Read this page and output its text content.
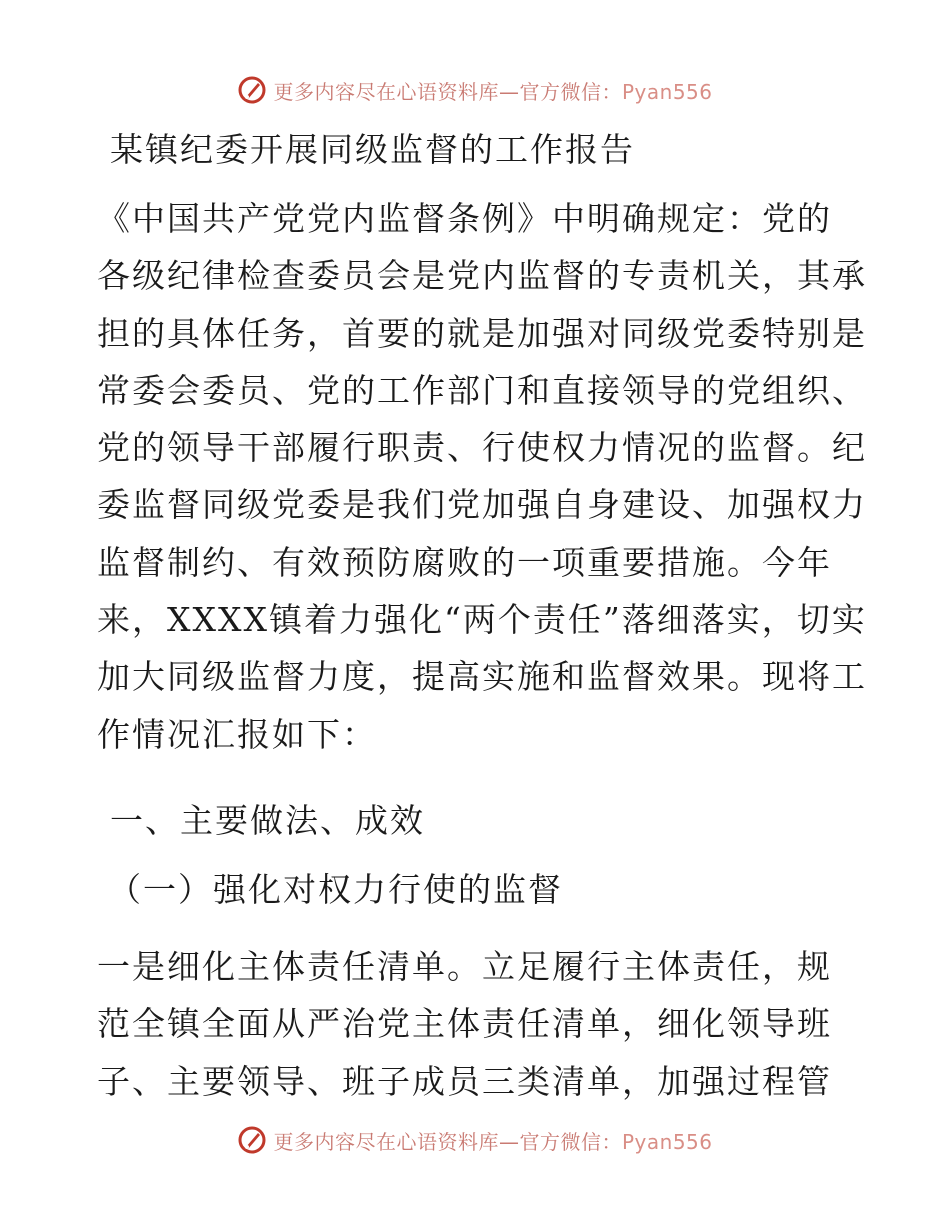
更多内容尽在心语资料库—官方微信：Pyan556
某镇纪委开展同级监督的工作报告
《中国共产党党内监督条例》中明确规定：党的
各级纪律检查委员会是党内监督的专责机关，其承
担的具体任务，首要的就是加强对同级党委特别是
常委会委员、党的工作部门和直接领导的党组织、
党的领导干部履行职责、行使权力情况的监督。纪
委监督同级党委是我们党加强自身建设、加强权力
监督制约、有效预防腐败的一项重要措施。今年
来，XXXX镇着力强化“两个责任”落细落实，切实
加大同级监督力度，提高实施和监督效果。现将工
作情况汇报如下：
一、主要做法、成效
（一）强化对权力行使的监督
一是细化主体责任清单。立足履行主体责任，规
范全镇全面从严治党主体责任清单，细化领导班
子、主要领导、班子成员三类清单，加强过程管
更多内容尽在心语资料库—官方微信：Pyan556
